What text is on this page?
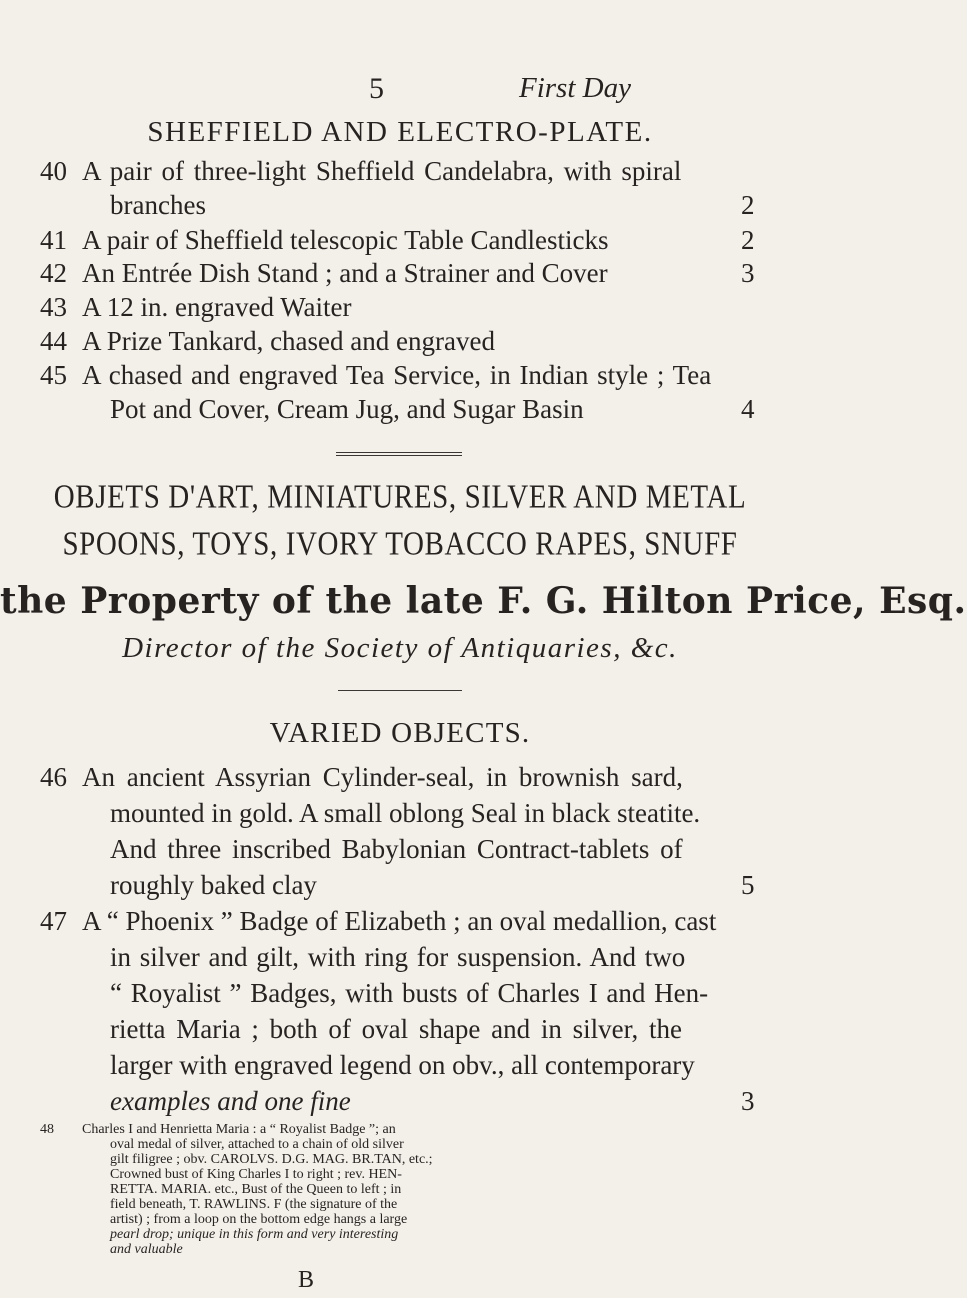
5	First Day
SHEFFIELD AND ELECTRO-PLATE.
40 A pair of three-light Sheffield Candelabra, with spiral
branches	2
41 A pair of Sheffield telescopic Table Candlesticks	2
42 An Entrée Dish Stand ; and a Strainer and Cover	3
43 A 12 in. engraved Waiter
44 A Prize Tankard, chased and engraved
45 A chased and engraved Tea Service, in Indian style ; Tea
Pot and Cover, Cream Jug, and Sugar Basin	4
OBJETS D'ART, MINIATURES, SILVER AND METAL
SPOONS, TOYS, IVORY TOBACCO RAPES, SNUFF
the Property of the late F. G. Hilton Price, Esq.
Director of the Society of Antiquaries, &c.
VARIED OBJECTS.
46 An ancient Assyrian Cylinder-seal, in brownish sard,
mounted in gold. A small oblong Seal in black steatite.
And three inscribed Babylonian Contract-tablets of
roughly baked clay	5
47 A “ Phoenix ” Badge of Elizabeth ; an oval medallion, cast
in silver and gilt, with ring for suspension. And two
“ Royalist ” Badges, with busts of Charles I and Hen-
rietta Maria ; both of oval shape and in silver, the
larger with engraved legend on obv., all contemporary
examples and one fine	3
48 Charles I and Henrietta Maria : a “ Royalist Badge ”; an
oval medal of silver, attached to a chain of old silver
gilt filigree ; obv. CAROLVS. D.G. MAG. BR.TAN, etc.;
Crowned bust of King Charles I to right ; rev. HEN-
B
RETTA. MARIA. etc., Bust of the Queen to left ; in
field beneath, T. RAWLINS. F (the signature of the
artist) ; from a loop on the bottom edge hangs a large
pearl drop; unique in this form and very interesting
and valuable
